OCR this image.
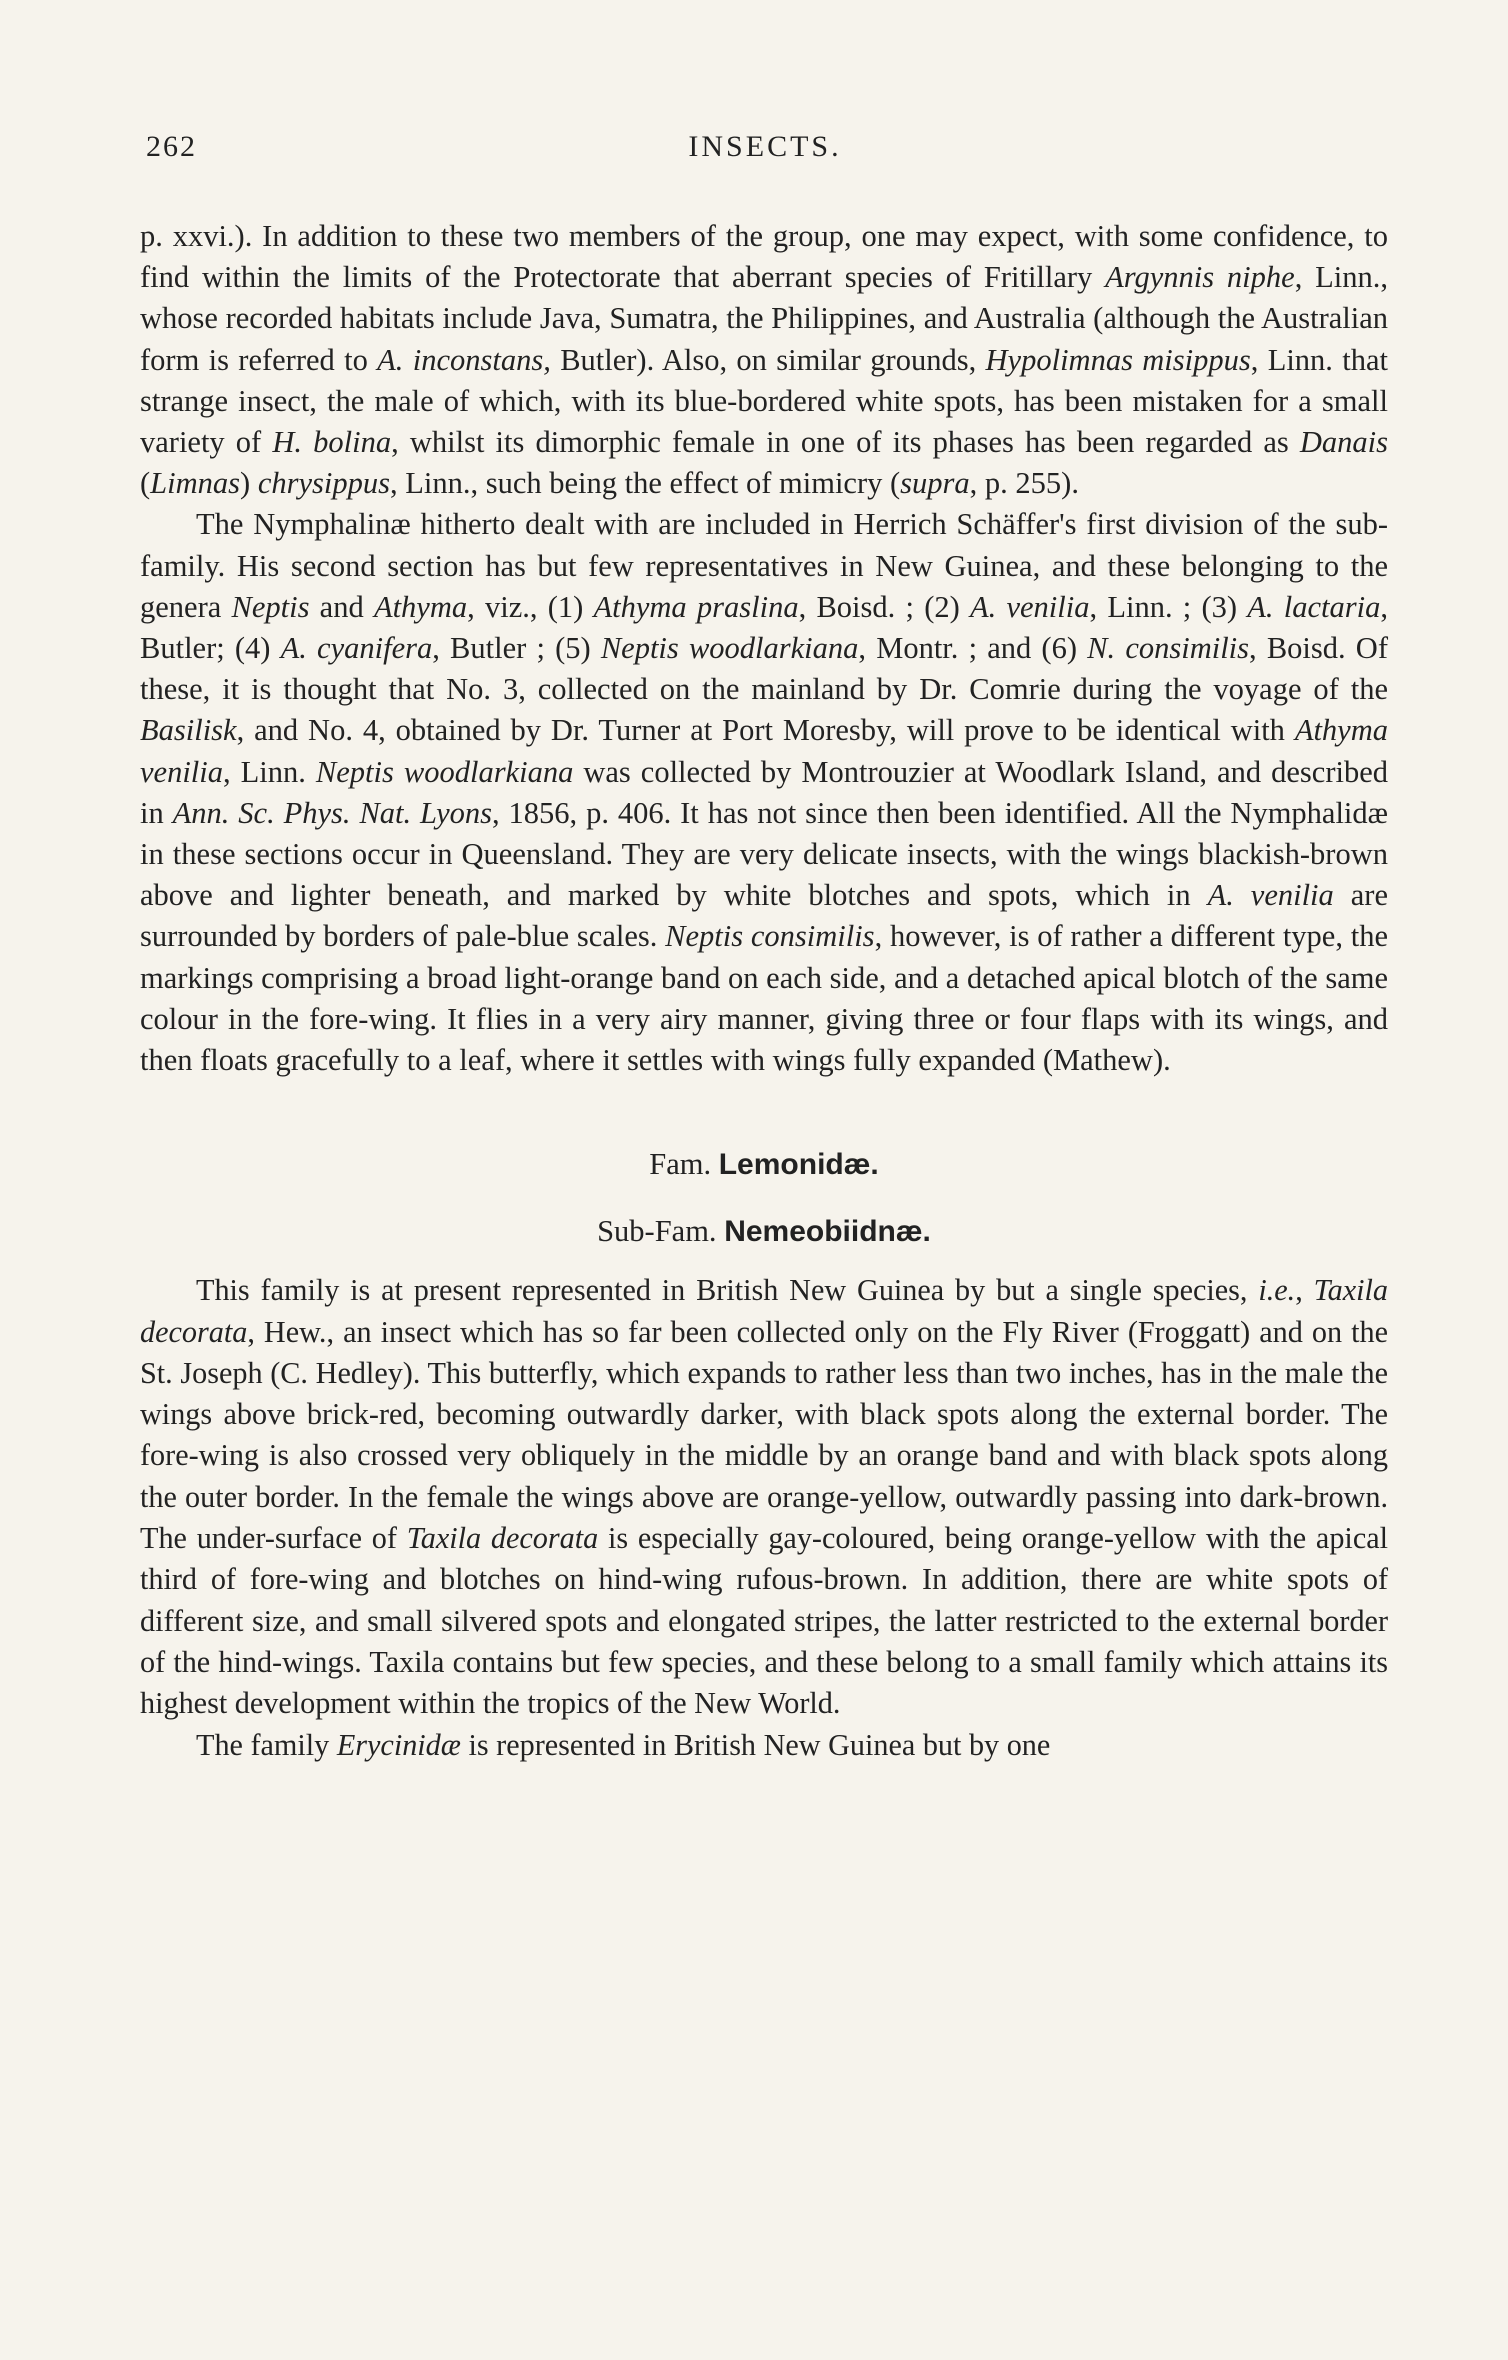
262	INSECTS.

p. xxvi.). In addition to these two members of the group, one may expect, with some confidence, to find within the limits of the Protectorate that aberrant species of Fritillary Argynnis niphe, Linn., whose recorded habitats include Java, Sumatra, the Philippines, and Australia (although the Australian form is referred to A. inconstans, Butler). Also, on similar grounds, Hypolimnas misippus, Linn. that strange insect, the male of which, with its blue-bordered white spots, has been mistaken for a small variety of H. bolina, whilst its dimorphic female in one of its phases has been regarded as Danais (Limnas) chrysippus, Linn., such being the effect of mimicry (supra, p. 255).

The Nymphalinæ hitherto dealt with are included in Herrich Schäffer's first division of the sub-family. His second section has but few representatives in New Guinea, and these belonging to the genera Neptis and Athyma, viz., (1) Athyma praslina, Boisd. ; (2) A. venilia, Linn. ; (3) A. lactaria, Butler; (4) A. cyanifera, Butler ; (5) Neptis woodlarkiana, Montr. ; and (6) N. consimilis, Boisd. Of these, it is thought that No. 3, collected on the mainland by Dr. Comrie during the voyage of the Basilisk, and No. 4, obtained by Dr. Turner at Port Moresby, will prove to be identical with Athyma venilia, Linn. Neptis woodlarkiana was collected by Montrouzier at Woodlark Island, and described in Ann. Sc. Phys. Nat. Lyons, 1856, p. 406. It has not since then been identified. All the Nymphalidæ in these sections occur in Queensland. They are very delicate insects, with the wings blackish-brown above and lighter beneath, and marked by white blotches and spots, which in A. venilia are surrounded by borders of pale-blue scales. Neptis consimilis, however, is of rather a different type, the markings comprising a broad light-orange band on each side, and a detached apical blotch of the same colour in the fore-wing. It flies in a very airy manner, giving three or four flaps with its wings, and then floats gracefully to a leaf, where it settles with wings fully expanded (Mathew).

Fam. Lemonidæ.
Sub-Fam. Nemeobiidnæ.

This family is at present represented in British New Guinea by but a single species, i.e., Taxila decorata, Hew., an insect which has so far been collected only on the Fly River (Froggatt) and on the St. Joseph (C. Hedley). This butterfly, which expands to rather less than two inches, has in the male the wings above brick-red, becoming outwardly darker, with black spots along the external border. The fore-wing is also crossed very obliquely in the middle by an orange band and with black spots along the outer border. In the female the wings above are orange-yellow, outwardly passing into dark-brown. The under-surface of Taxila decorata is especially gay-coloured, being orange-yellow with the apical third of fore-wing and blotches on hind-wing rufous-brown. In addition, there are white spots of different size, and small silvered spots and elongated stripes, the latter restricted to the external border of the hind-wings. Taxila contains but few species, and these belong to a small family which attains its highest development within the tropics of the New World.

The family Erycinidæ is represented in British New Guinea but by one
